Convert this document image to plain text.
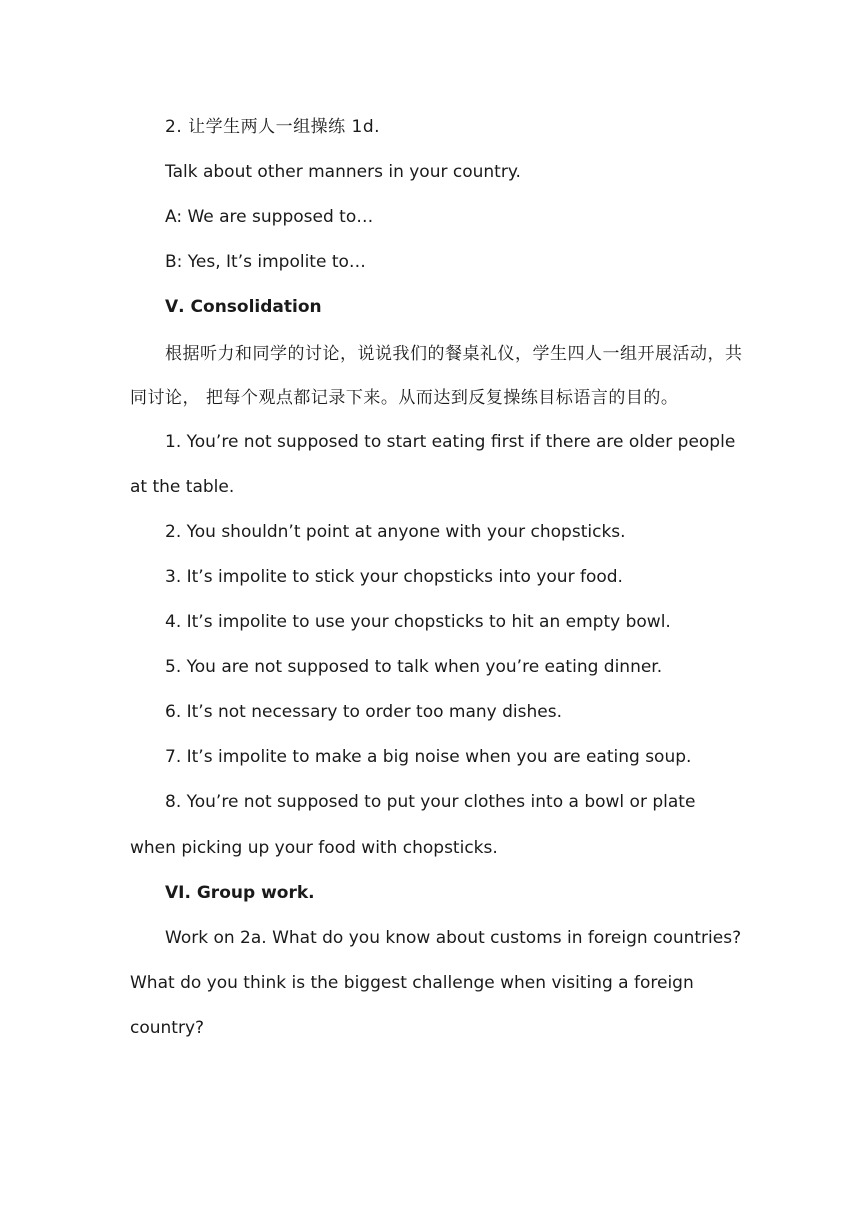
2. 让学生两人一组操练 1d.
Talk about other manners in your country.
A: We are supposed to…
B: Yes, It’s impolite to…
Ⅴ. Consolidation
根据听力和同学的讨论，说说我们的餐桌礼仪，学生四人一组开展活动，共
同讨论， 把每个观点都记录下来。从而达到反复操练目标语言的目的。
1. You’re not supposed to start eating first if there are older people
at the table.
2. You shouldn’t point at anyone with your chopsticks.
3. It’s impolite to stick your chopsticks into your food.
4. It’s impolite to use your chopsticks to hit an empty bowl.
5. You are not supposed to talk when you’re eating dinner.
6. It’s not necessary to order too many dishes.
7. It’s impolite to make a big noise when you are eating soup.
8. You’re not supposed to put your clothes into a bowl or plate
when picking up your food with chopsticks.
VI. Group work.
Work on 2a. What do you know about customs in foreign countries?
What do you think is the biggest challenge when visiting a foreign
country?
